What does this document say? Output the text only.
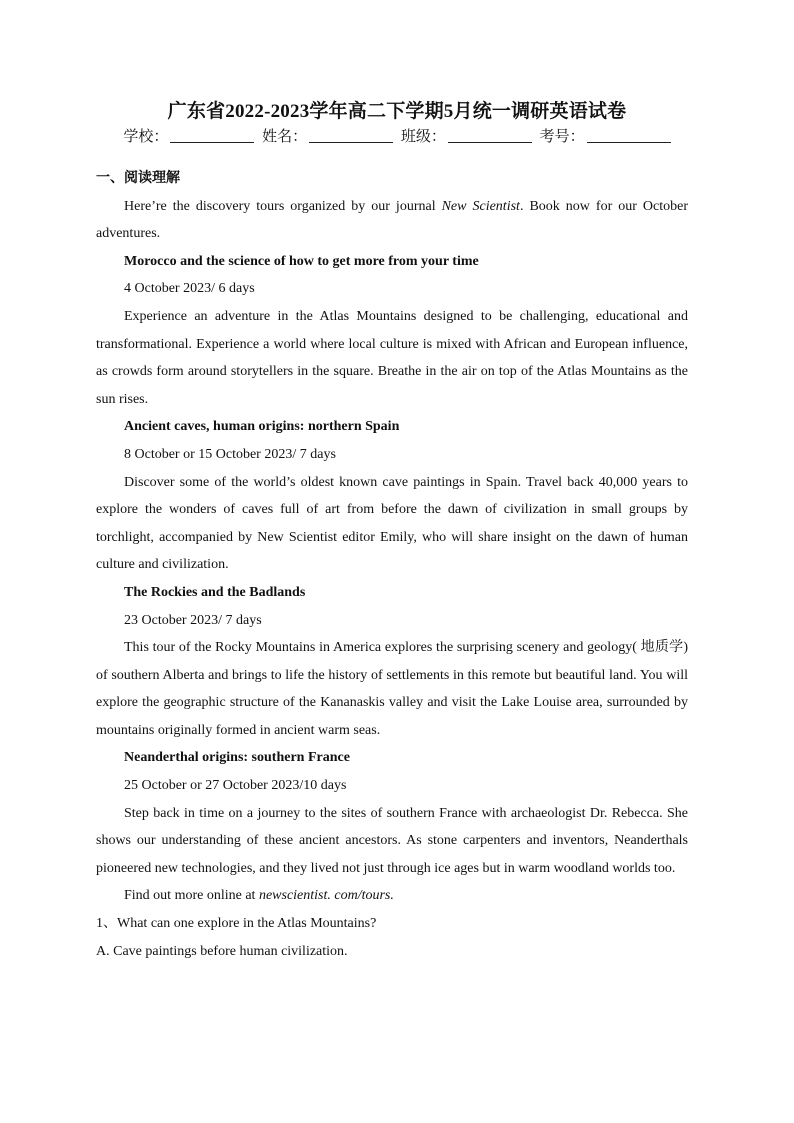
广东省2022-2023学年高二下学期5月统一调研英语试卷
学校：	姓名：	班级：	考号：
一、阅读理解

Here’re the discovery tours organized by our journal New Scientist. Book now for our October adventures.

Morocco and the science of how to get more from your time

4 October 2023/ 6 days

Experience an adventure in the Atlas Mountains designed to be challenging, educational and transformational. Experience a world where local culture is mixed with African and European influence, as crowds form around storytellers in the square. Breathe in the air on top of the Atlas Mountains as the sun rises.

Ancient caves, human origins: northern Spain

8 October or 15 October 2023/ 7 days

Discover some of the world’s oldest known cave paintings in Spain. Travel back 40,000 years to explore the wonders of caves full of art from before the dawn of civilization in small groups by torchlight, accompanied by New Scientist editor Emily, who will share insight on the dawn of human culture and civilization.

The Rockies and the Badlands

23 October 2023/ 7 days

This tour of the Rocky Mountains in America explores the surprising scenery and geology( 地质学) of southern Alberta and brings to life the history of settlements in this remote but beautiful land. You will explore the geographic structure of the Kananaskis valley and visit the Lake Louise area, surrounded by mountains originally formed in ancient warm seas.

Neanderthal origins: southern France

25 October or 27 October 2023/10 days

Step back in time on a journey to the sites of southern France with archaeologist Dr. Rebecca. She shows our understanding of these ancient ancestors. As stone carpenters and inventors, Neanderthals pioneered new technologies, and they lived not just through ice ages but in warm woodland worlds too.

Find out more online at newscientist. com/tours.

1、What can one explore in the Atlas Mountains?

A. Cave paintings before human civilization.
